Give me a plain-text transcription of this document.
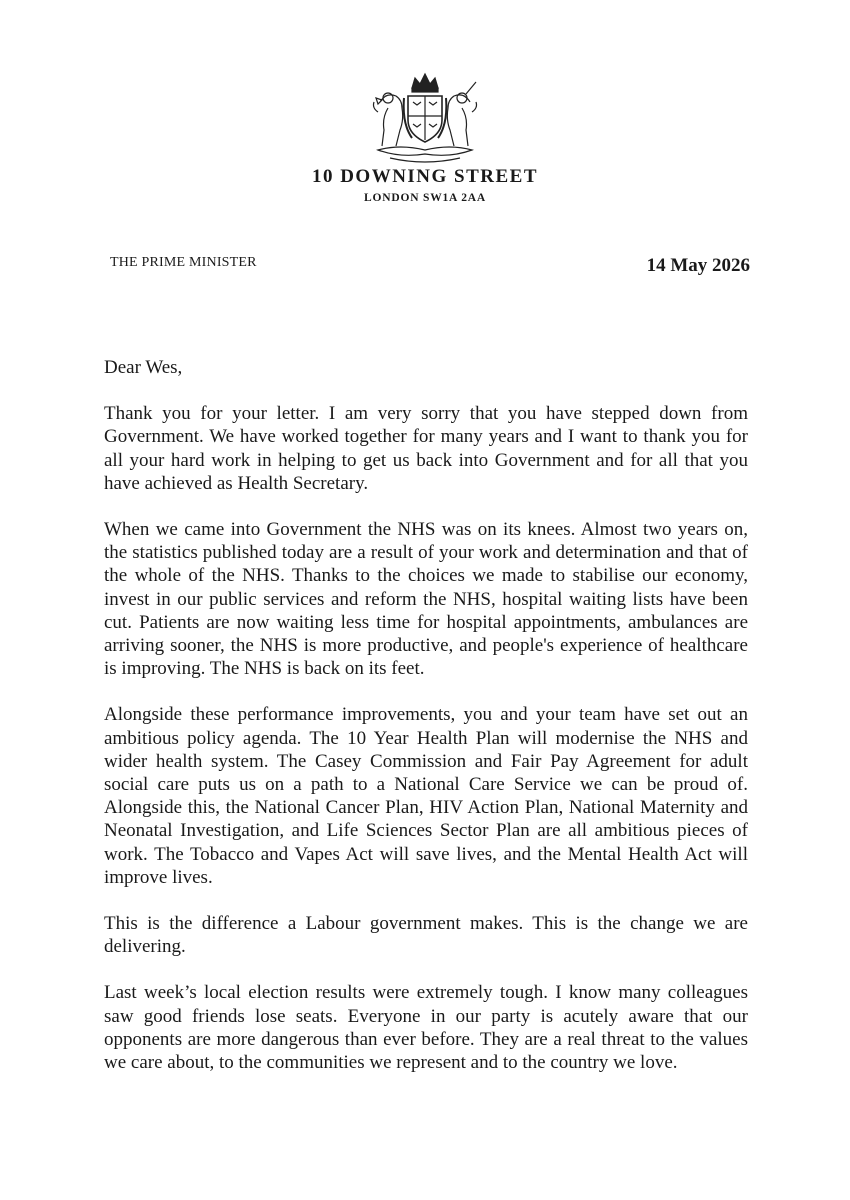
10 DOWNING STREET
LONDON SW1A 2AA
THE PRIME MINISTER	14 May 2026

Dear Wes,

Thank you for your letter. I am very sorry that you have stepped down from Government. We have worked together for many years and I want to thank you for all your hard work in helping to get us back into Government and for all that you have achieved as Health Secretary.

When we came into Government the NHS was on its knees. Almost two years on, the statistics published today are a result of your work and determination and that of the whole of the NHS. Thanks to the choices we made to stabilise our economy, invest in our public services and reform the NHS, hospital waiting lists have been cut. Patients are now waiting less time for hospital appointments, ambulances are arriving sooner, the NHS is more productive, and people's experience of healthcare is improving. The NHS is back on its feet.

Alongside these performance improvements, you and your team have set out an ambitious policy agenda. The 10 Year Health Plan will modernise the NHS and wider health system. The Casey Commission and Fair Pay Agreement for adult social care puts us on a path to a National Care Service we can be proud of. Alongside this, the National Cancer Plan, HIV Action Plan, National Maternity and Neonatal Investigation, and Life Sciences Sector Plan are all ambitious pieces of work. The Tobacco and Vapes Act will save lives, and the Mental Health Act will improve lives.

This is the difference a Labour government makes. This is the change we are delivering.

Last week’s local election results were extremely tough. I know many colleagues saw good friends lose seats. Everyone in our party is acutely aware that our opponents are more dangerous than ever before. They are a real threat to the values we care about, to the communities we represent and to the country we love.
